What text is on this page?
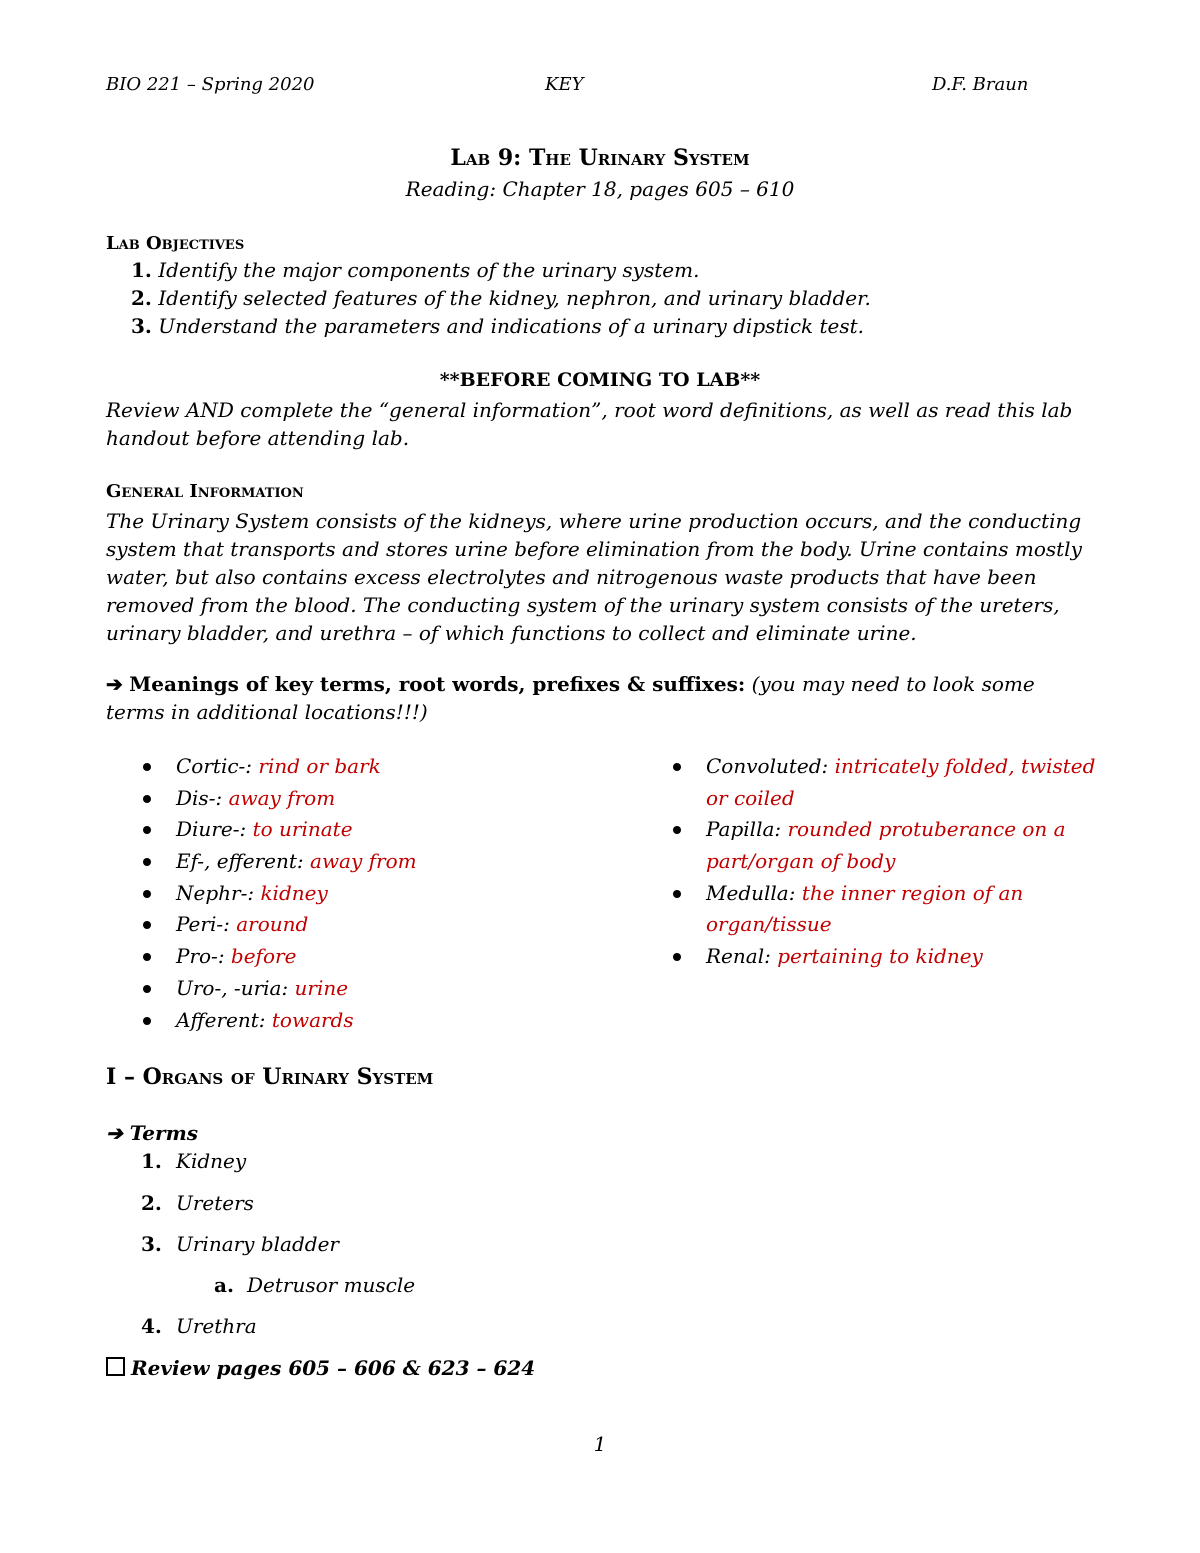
BIO 221 – Spring 2020	KEY	D.F. Braun
Lab 9: The Urinary System
Reading: Chapter 18, pages 605 – 610
Lab Objectives
1. Identify the major components of the urinary system.
2. Identify selected features of the kidney, nephron, and urinary bladder.
3. Understand the parameters and indications of a urinary dipstick test.
**BEFORE COMING TO LAB**
Review AND complete the “general information”, root word definitions, as well as read this lab handout before attending lab.
General Information
The Urinary System consists of the kidneys, where urine production occurs, and the conducting system that transports and stores urine before elimination from the body. Urine contains mostly water, but also contains excess electrolytes and nitrogenous waste products that have been removed from the blood. The conducting system of the urinary system consists of the ureters, urinary bladder, and urethra – of which functions to collect and eliminate urine.
➔ Meanings of key terms, root words, prefixes & suffixes: (you may need to look some terms in additional locations!!!)
Cortic-: rind or bark
Dis-: away from
Diure-: to urinate
Ef-, efferent: away from
Nephr-: kidney
Peri-: around
Pro-: before
Uro-, -uria: urine
Afferent: towards
Convoluted: intricately folded, twisted
or coiled
Papilla: rounded protuberance on a
part/organ of body
Medulla: the inner region of an
organ/tissue
Renal: pertaining to kidney
I – Organs of Urinary System
➔ Terms
1. Kidney
2. Ureters
3. Urinary bladder
a. Detrusor muscle
4. Urethra
Review pages 605 – 606 & 623 – 624
1
